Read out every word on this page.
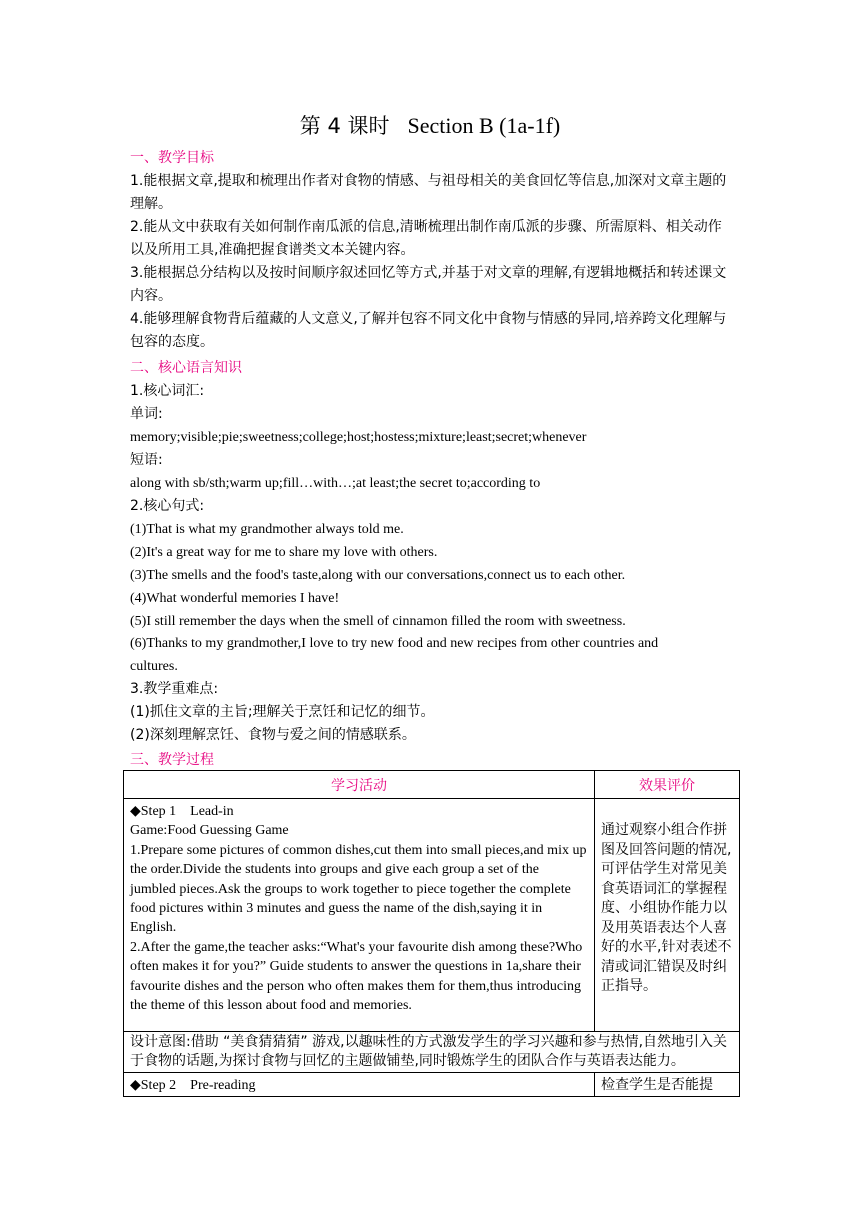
第 4 课时 Section B (1a-1f)
一、教学目标
1.能根据文章,提取和梳理出作者对食物的情感、与祖母相关的美食回忆等信息,加深对文章主题的理解。
2.能从文中获取有关如何制作南瓜派的信息,清晰梳理出制作南瓜派的步骤、所需原料、相关动作以及所用工具,准确把握食谱类文本关键内容。
3.能根据总分结构以及按时间顺序叙述回忆等方式,并基于对文章的理解,有逻辑地概括和转述课文内容。
4.能够理解食物背后蕴藏的人文意义,了解并包容不同文化中食物与情感的异同,培养跨文化理解与包容的态度。
二、核心语言知识
1.核心词汇:
单词:
memory;visible;pie;sweetness;college;host;hostess;mixture;least;secret;whenever
短语:
along with sb/sth;warm up;fill…with…;at least;the secret to;according to
2.核心句式:
(1)That is what my grandmother always told me.
(2)It's a great way for me to share my love with others.
(3)The smells and the food's taste,along with our conversations,connect us to each other.
(4)What wonderful memories I have!
(5)I still remember the days when the smell of cinnamon filled the room with sweetness.
(6)Thanks to my grandmother,I love to try new food and new recipes from other countries and
cultures.
3.教学重难点:
(1)抓住文章的主旨;理解关于烹饪和记忆的细节。
(2)深刻理解烹饪、食物与爱之间的情感联系。
三、教学过程
学习活动	效果评价

◆Step 1　Lead-in
Game:Food Guessing Game
1.Prepare some pictures of common dishes,cut them into small pieces,and mix up the order.Divide the students into groups and give each group a set of the jumbled pieces.Ask the groups to work together to piece together the complete food pictures within 3 minutes and guess the name of the dish,saying it in English.
2.After the game,the teacher asks:“What's your favourite dish among these?Who often makes it for you?” Guide students to answer the questions in 1a,share their favourite dishes and the person who often makes them for them,thus introducing the theme of this lesson about food and memories.	通过观察小组合作拼图及回答问题的情况,可评估学生对常见美食英语词汇的掌握程度、小组协作能力以及用英语表达个人喜好的水平,针对表述不清或词汇错误及时纠正指导。

设计意图:借助 “美食猜猜猜” 游戏,以趣味性的方式激发学生的学习兴趣和参与热情,自然地引入关于食物的话题,为探讨食物与回忆的主题做铺垫,同时锻炼学生的团队合作与英语表达能力。	

◆Step 2　Pre-reading	检查学生是否能提
